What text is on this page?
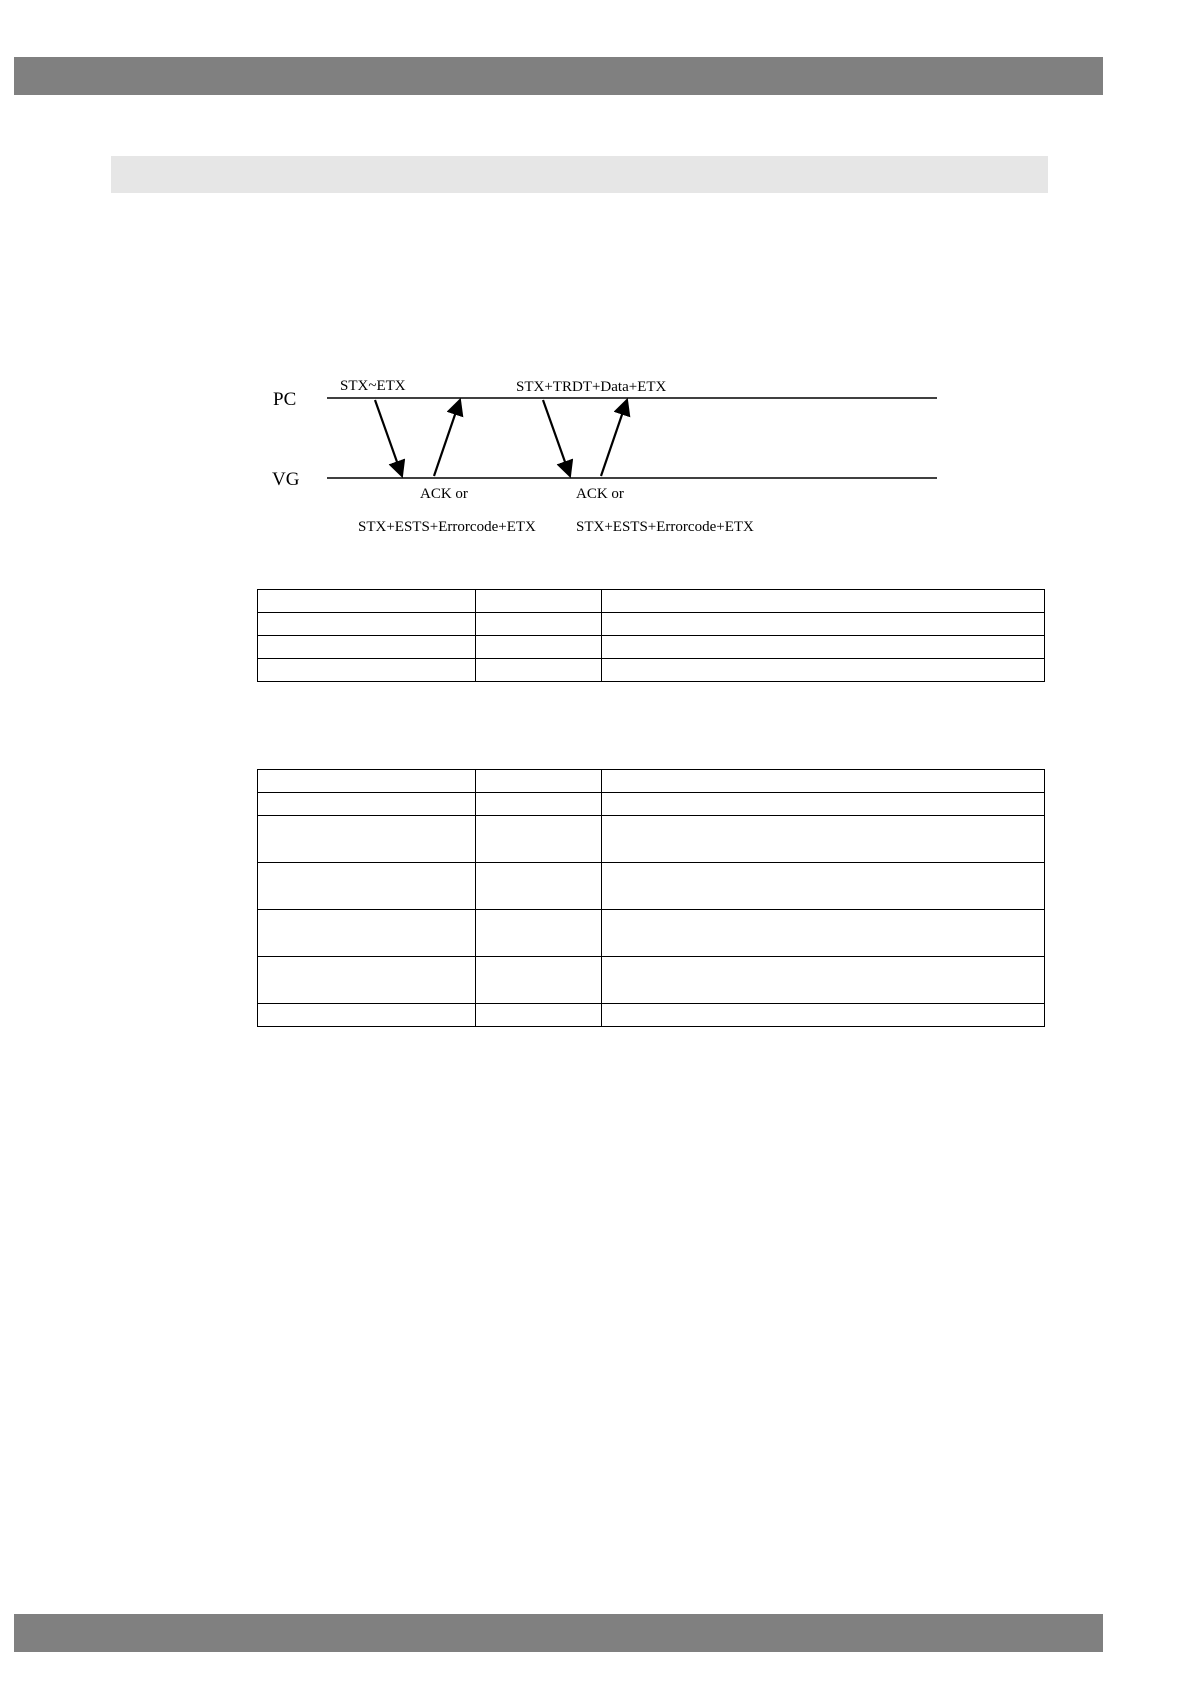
PC
VG
STX~ETX	STX+TRDT+Data+ETX
ACK or
STX+ESTS+Errorcode+ETX
ACK or
STX+ESTS+Errorcode+ETX
